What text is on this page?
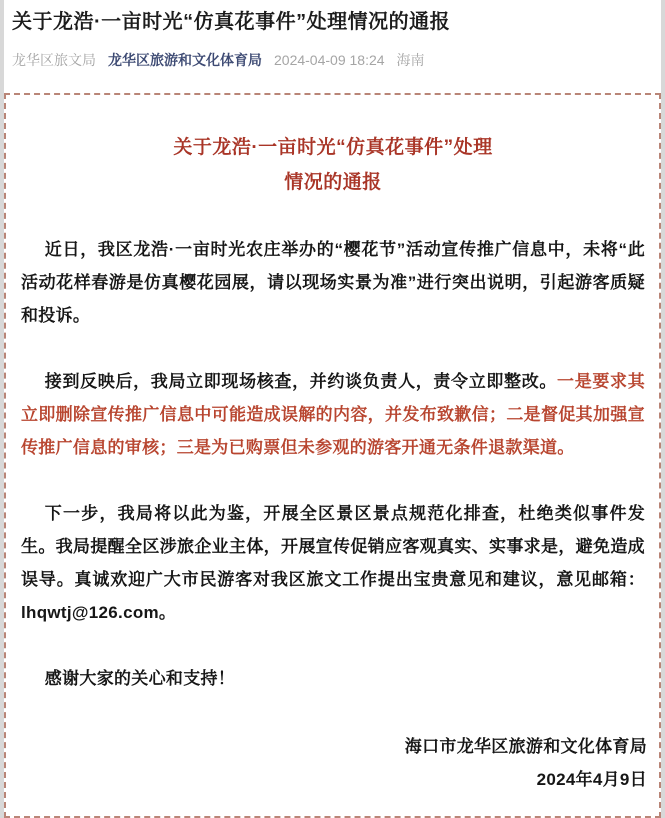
关于龙浩·一亩时光“仿真花事件”处理情况的通报
龙华区旅文局 龙华区旅游和文化体育局 2024-04-09 18:24 海南
关于龙浩·一亩时光“仿真花事件”处理
情况的通报

近日，我区龙浩·一亩时光农庄举办的“樱花节”活动宣传推广信息中，未将“此活动花样春游是仿真樱花园展，请以现场实景为准”进行突出说明，引起游客质疑和投诉。

接到反映后，我局立即现场核查，并约谈负责人，责令立即整改。一是要求其立即删除宣传推广信息中可能造成误解的内容，并发布致歉信；二是督促其加强宣传推广信息的审核；三是为已购票但未参观的游客开通无条件退款渠道。

下一步，我局将以此为鉴，开展全区景区景点规范化排查，杜绝类似事件发生。我局提醒全区涉旅企业主体，开展宣传促销应客观真实、实事求是，避免造成误导。真诚欢迎广大市民游客对我区旅文工作提出宝贵意见和建议，意见邮箱：lhqwtj@126.com。

感谢大家的关心和支持！

海口市龙华区旅游和文化体育局
2024年4月9日
